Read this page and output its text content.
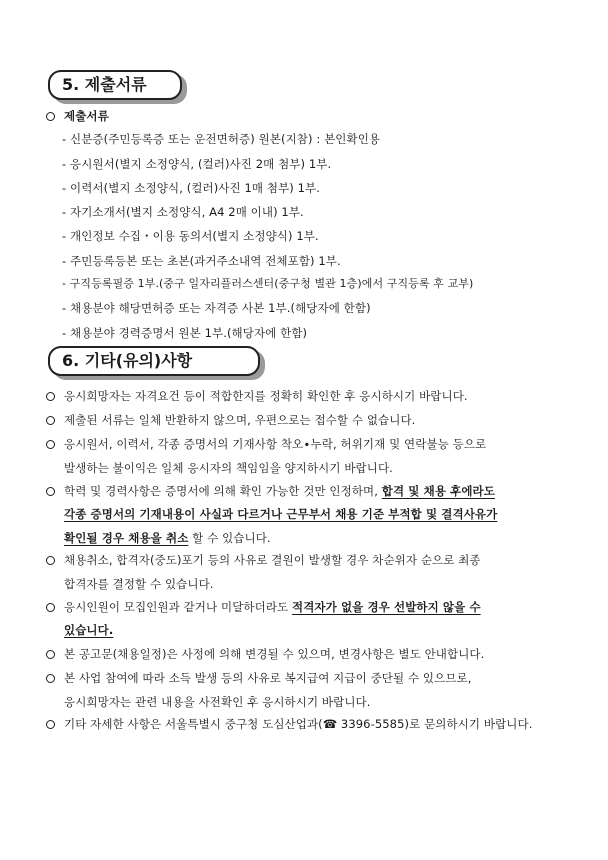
5. 제출서류
제출서류
- 신분증(주민등록증 또는 운전면허증) 원본(지참) : 본인확인용
- 응시원서(별지 소정양식, (컬러)사진 2매 첨부) 1부.
- 이력서(별지 소정양식, (컬러)사진 1매 첨부) 1부.
- 자기소개서(별지 소정양식, A4 2매 이내) 1부.
- 개인정보 수집・이용 동의서(별지 소정양식) 1부.
- 주민등록등본 또는 초본(과거주소내역 전체포함) 1부.
- 구직등록필증 1부.(중구 일자리플러스센터(중구청 별관 1층)에서 구직등록 후 교부)
- 채용분야 해당면허증 또는 자격증 사본 1부.(해당자에 한함)
- 채용분야 경력증명서 원본 1부.(해당자에 한함)
6. 기타(유의)사항
응시희망자는 자격요건 등이 적합한지를 정확히 확인한 후 응시하시기 바랍니다.
제출된 서류는 일체 반환하지 않으며, 우편으로는 접수할 수 없습니다.
응시원서, 이력서, 각종 증명서의 기재사항 착오∙누락, 허위기재 및 연락불능 등으로
발생하는 불이익은 일체 응시자의 책임임을 양지하시기 바랍니다.
학력 및 경력사항은 증명서에 의해 확인 가능한 것만 인정하며, 합격 및 채용 후에라도
각종 증명서의 기재내용이 사실과 다르거나 근무부서 채용 기준 부적합 및 결격사유가
확인될 경우 채용을 취소 할 수 있습니다.
채용취소, 합격자(중도)포기 등의 사유로 결원이 발생할 경우 차순위자 순으로 최종
합격자를 결정할 수 있습니다.
응시인원이 모집인원과 같거나 미달하더라도 적격자가 없을 경우 선발하지 않을 수
있습니다.
본 공고문(채용일정)은 사정에 의해 변경될 수 있으며, 변경사항은 별도 안내합니다.
본 사업 참여에 따라 소득 발생 등의 사유로 복지급여 지급이 중단될 수 있으므로,
응시희망자는 관련 내용을 사전확인 후 응시하시기 바랍니다.
기타 자세한 사항은 서울특별시 중구청 도심산업과(☎ 3396-5585)로 문의하시기 바랍니다.
